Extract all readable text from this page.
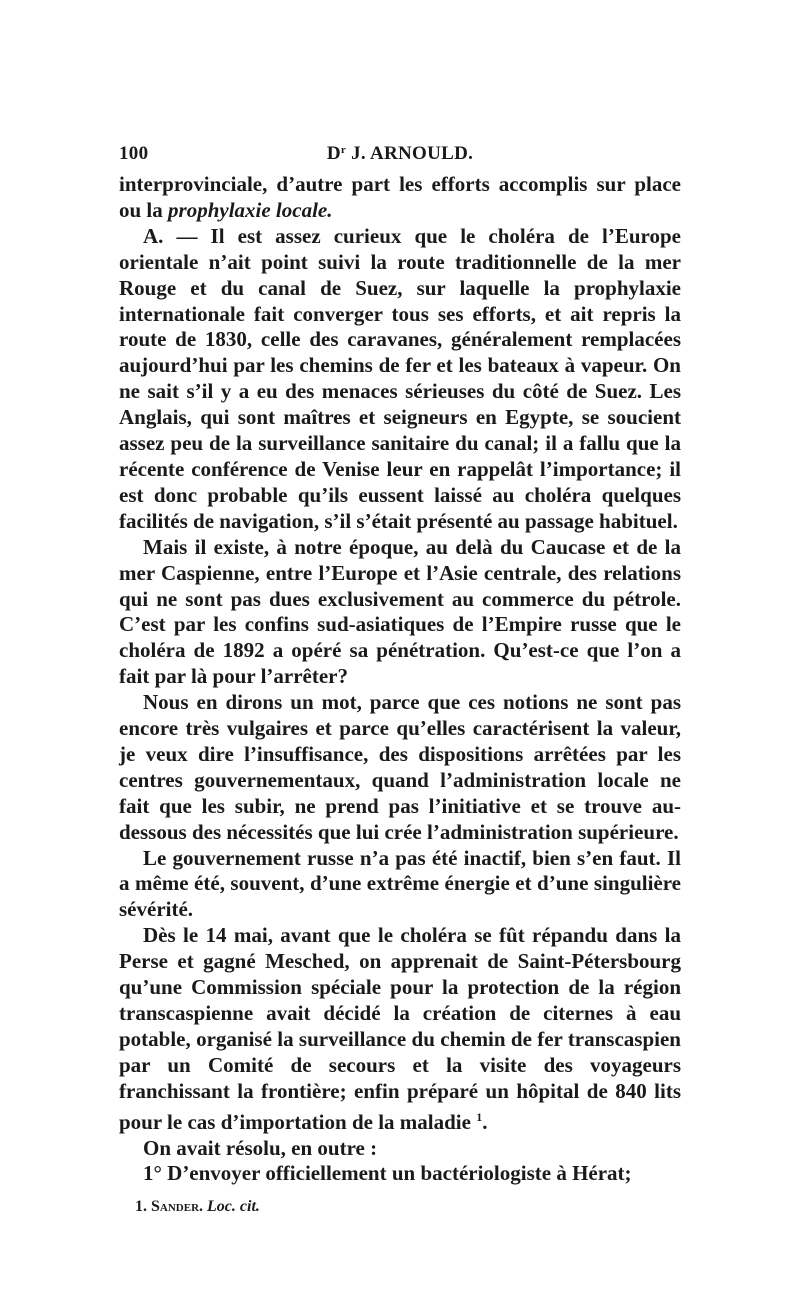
100	$D^r$ J. ARNOULD.

interprovinciale, d’autre part les efforts accomplis sur place ou la prophylaxie locale.

A. — Il est assez curieux que le choléra de l’Europe orientale n’ait point suivi la route traditionnelle de la mer Rouge et du canal de Suez, sur laquelle la prophylaxie internationale fait converger tous ses efforts, et ait repris la route de 1830, celle des caravanes, généralement remplacées aujourd’hui par les chemins de fer et les bateaux à vapeur. On ne sait s’il y a eu des menaces sérieuses du côté de Suez. Les Anglais, qui sont maîtres et seigneurs en Egypte, se soucient assez peu de la surveillance sanitaire du canal; il a fallu que la récente conférence de Venise leur en rappelât l’importance; il est donc probable qu’ils eussent laissé au choléra quelques facilités de navigation, s’il s’était présenté au passage habituel.

Mais il existe, à notre époque, au delà du Caucase et de la mer Caspienne, entre l’Europe et l’Asie centrale, des relations qui ne sont pas dues exclusivement au commerce du pétrole. C’est par les confins sud-asiatiques de l’Empire russe que le choléra de 1892 a opéré sa pénétration. Qu’est-ce que l’on a fait par là pour l’arrêter?

Nous en dirons un mot, parce que ces notions ne sont pas encore très vulgaires et parce qu’elles caractérisent la valeur, je veux dire l’insuffisance, des dispositions arrêtées par les centres gouvernementaux, quand l’administration locale ne fait que les subir, ne prend pas l’initiative et se trouve au-dessous des nécessités que lui crée l’administration supérieure.

Le gouvernement russe n’a pas été inactif, bien s’en faut. Il a même été, souvent, d’une extrême énergie et d’une singulière sévérité.

Dès le 14 mai, avant que le choléra se fût répandu dans la Perse et gagné Mesched, on apprenait de Saint-Pétersbourg qu’une Commission spéciale pour la protection de la région transcaspienne avait décidé la création de citernes à eau potable, organisé la surveillance du chemin de fer transcaspien par un Comité de secours et la visite des voyageurs franchissant la frontière; enfin préparé un hôpital de 840 lits pour le cas d’importation de la maladie $^1$.

On avait résolu, en outre :

1° D’envoyer officiellement un bactériologiste à Hérat;

1. Sander. Loc. cit.
